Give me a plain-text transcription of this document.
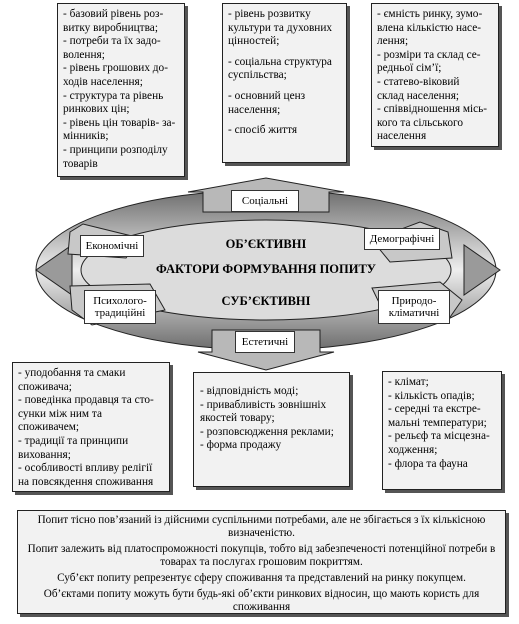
- базовий рівень роз-
витку виробництва;
- потреби та їх задо-
волення;
- рівень грошових до-
ходів населення;
- структура та рівень
ринкових цін;
- рівень цін товарів- за-
мінників;
- принципи розподілу
товарів
- рівень розвитку
культури та духовних
цінностей;
- соціальна структура
суспільства;
- основний ценз
населення;
- спосіб життя
- ємність ринку, зумо-
влена кількістю насе-
лення;
- розміри та склад се-
редньої сім’ї;
- статево-віковий
склад населення;
- співвідношення місь-
кого та сільського
населення
Соціальні
Економічні
Демографічні
Психолого-традиційні
Природо-кліматичні
Естетичні
ОБ’ЄКТИВНІ
ФАКТОРИ ФОРМУВАННЯ ПОПИТУ
СУБ’ЄКТИВНІ
- уподобання та смаки
споживача;
- поведінка продавця та сто-
сунки між ним та
споживачем;
- традиції та принципи
виховання;
- особливості впливу релігії
на повсякдення споживання
- відповідність моді;
- привабливість зовнішніх
якостей товару;
- розповсюдження реклами;
- форма продажу
- клімат;
- кількість опадів;
- середні та екстре-
мальні температури;
- рельєф та місцезна-
ходження;
- флора та фауна

Попит тісно пов’язаний із дійсними суспільними потребами, але не збігається з їх кількісною визначеністю.

Попит залежить від платоспроможності покупців, тобто від забезпеченості потенційної потреби в товарах та послугах грошовим покриттям.

Суб’єкт попиту репрезентує сферу споживання та представлений на ринку покупцем.

Об’єктами попиту можуть бути будь-які об’єкти ринкових відносин, що мають користь для споживання
